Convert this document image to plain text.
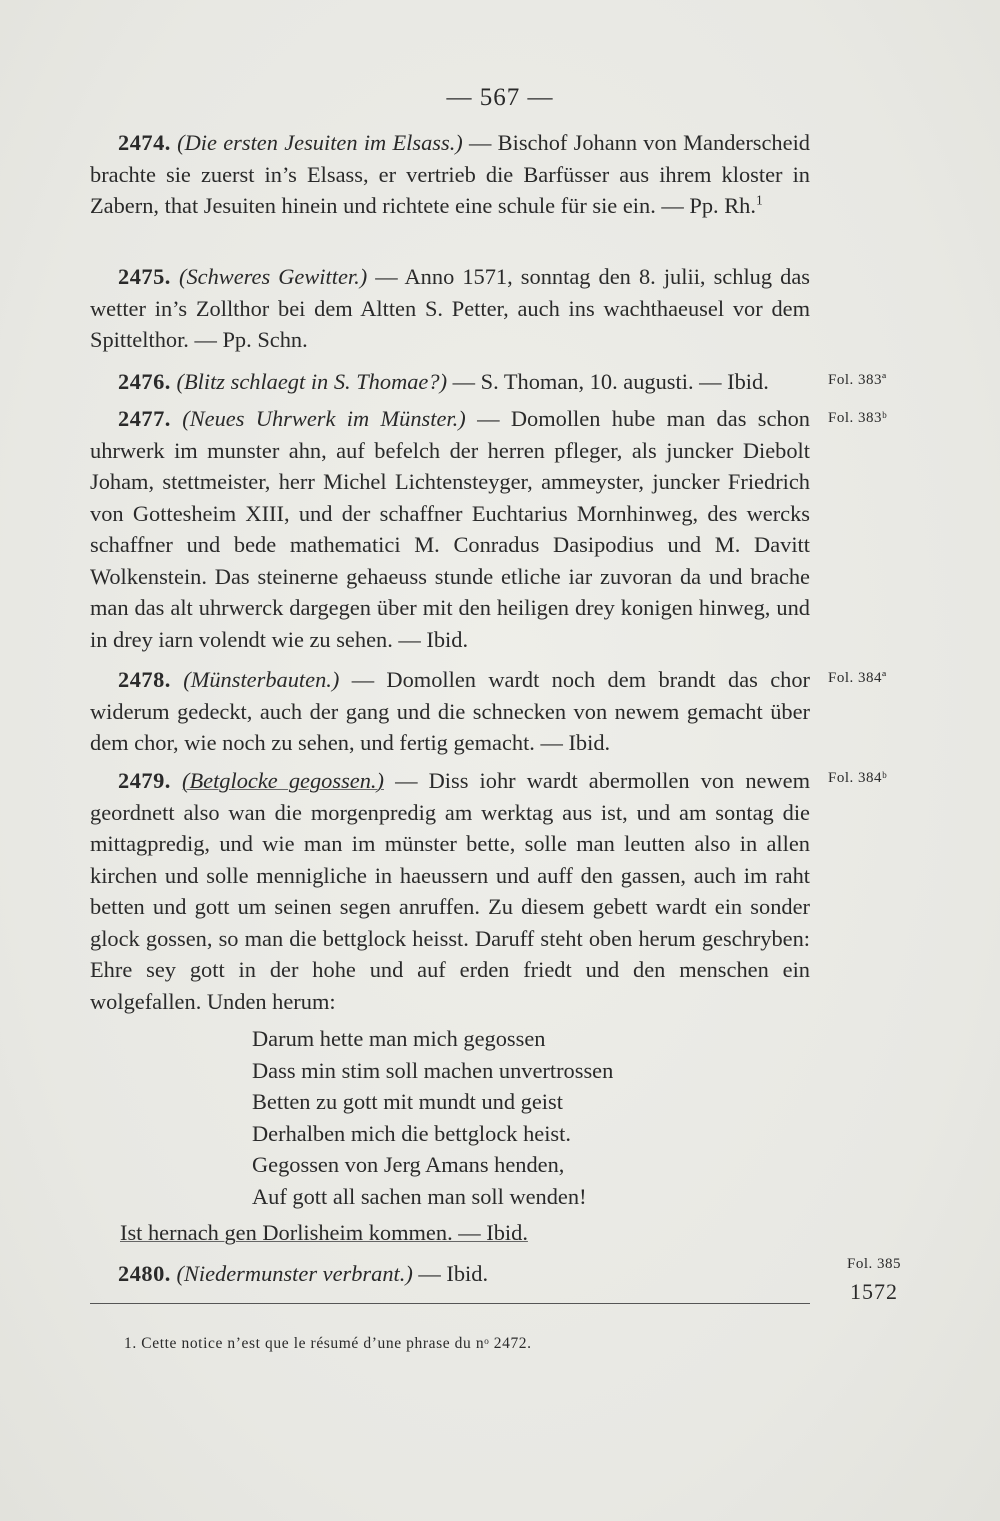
— 567 —

2474. (Die ersten Jesuiten im Elsass.) — Bischof Johann von Manderscheid brachte sie zuerst in’s Elsass, er vertrieb die Barfüsser aus ihrem kloster in Zabern, that Jesuiten hinein und richtete eine schule für sie ein. — Pp. Rh.$^1$

2475. (Schweres Gewitter.) — Anno 1571, sonntag den 8. julii, schlug das wetter in’s Zollthor bei dem Altten S. Petter, auch ins wachthaeusel vor dem Spittelthor. — Pp. Schn.

2476. (Blitz schlaegt in S. Thomae?) — S. Thoman, 10. augusti. — Ibid.

2477. (Neues Uhrwerk im Münster.) — Domollen hube man das schon uhrwerk im munster ahn, auf befelch der herren pfleger, als juncker Diebolt Joham, stettmeister, herr Michel Lichtensteyger, ammeyster, juncker Friedrich von Gottesheim XIII, und der schaffner Euchtarius Mornhinweg, des wercks schaffner und bede mathematici M. Conradus Dasipodius und M. Davitt Wolkenstein. Das steinerne gehaeuss stunde etliche iar zuvoran da und brache man das alt uhrwerck dargegen über mit den heiligen drey konigen hinweg, und in drey iarn volendt wie zu sehen. — Ibid.

2478. (Münsterbauten.) — Domollen wardt noch dem brandt das chor widerum gedeckt, auch der gang und die schnecken von newem gemacht über dem chor, wie noch zu sehen, und fertig gemacht. — Ibid.

2479. (Betglocke gegossen.) — Diss iohr wardt abermollen von newem geordnett also wan die morgenpredig am werktag aus ist, und am sontag die mittagpredig, und wie man im münster bette, solle man leutten also in allen kirchen und solle mennigliche in haeussern und auff den gassen, auch im raht betten und gott um seinen segen anruffen. Zu diesem gebett wardt ein sonder glock gossen, so man die bettglock heisst. Daruff steht oben herum geschryben: Ehre sey gott in der hohe und auf erden friedt und den menschen ein wolgefallen. Unden herum:

Darum hette man mich gegossen
Dass min stim soll machen unvertrossen
Betten zu gott mit mundt und geist
Derhalben mich die bettglock heist.
Gegossen von Jerg Amans henden,
Auf gott all sachen man soll wenden!
Ist hernach gen Dorlisheim kommen. — Ibid.

2480. (Niedermunster verbrant.) — Ibid.

Fol. 383ª
Fol. 383ᵇ
Fol. 384ª
Fol. 384ᵇ
Fol. 385
1572
1. Cette notice n’est que le résumé d’une phrase du nᵒ 2472.
